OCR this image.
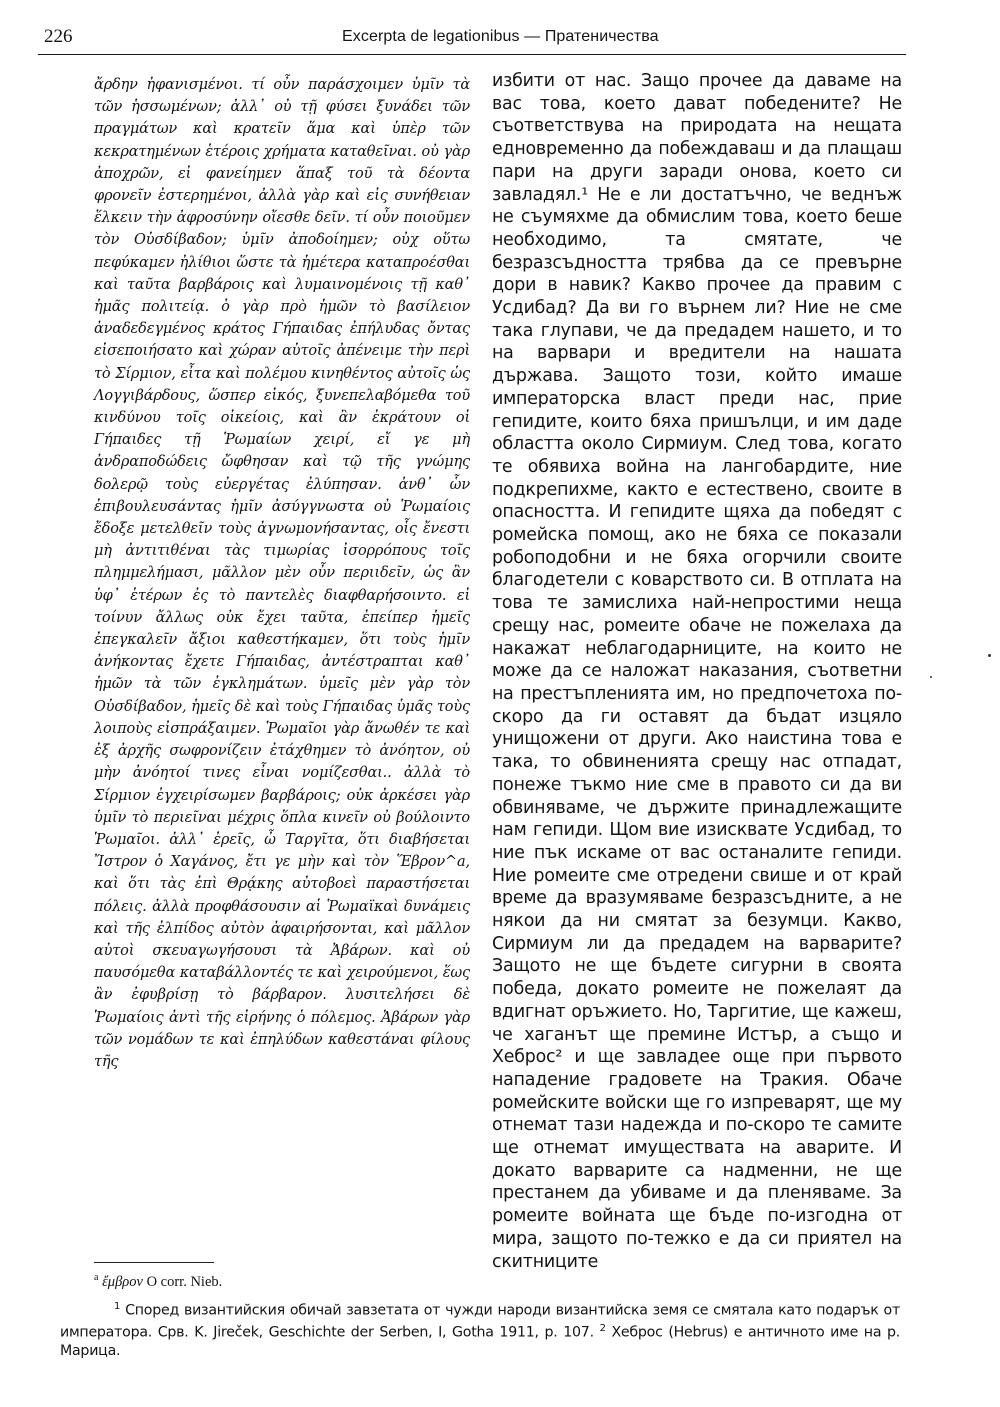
226	Excerpta de legationibus — Пратеничества

ἄρδην ἠφανισμένοι. τί οὖν παράσχοιμεν ὑμῖν τὰ τῶν ἡσσωμένων; ἀλλ᾽ οὐ τῇ φύσει ξυνάδει τῶν πραγμάτων καὶ κρατεῖν ἅμα καὶ ὑπὲρ τῶν κεκρατημένων ἑτέροις χρήματα καταθεῖναι. οὐ γὰρ ἀποχρῶν, εἰ φανείημεν ἅπαξ τοῦ τὰ δέοντα φρονεῖν ἐστερημένοι, ἀλλὰ γὰρ καὶ εἰς συνήθειαν ἕλκειν τὴν ἀφροσύνην οἴεσθε δεῖν. τί οὖν ποιοῦμεν τὸν Οὐσδίβαδον; ὑμῖν ἀποδοίημεν; οὐχ οὕτω πεφύκαμεν ἠλίθιοι ὥστε τὰ ἡμέτερα καταπροέσθαι καὶ ταῦτα βαρβάροις καὶ λυμαινομένοις τῇ καθ᾽ ἡμᾶς πολιτείᾳ. ὁ γὰρ πρὸ ἡμῶν τὸ βασίλειον ἀναδεδεγμένος κράτος Γήπαιδας ἐπήλυδας ὄντας εἰσεποιήσατο καὶ χώραν αὐτοῖς ἀπένειμε τὴν περὶ τὸ Σίρμιον, εἶτα καὶ πολέμου κινηθέντος αὐτοῖς ὡς Λογγιβάρδους, ὥσπερ εἰκός, ξυνεπελαβόμεθα τοῦ κινδύνου τοῖς οἰκείοις, καὶ ἂν ἐκράτουν οἱ Γήπαιδες τῇ Ῥωμαίων χειρί, εἴ γε μὴ ἀνδραποδώδεις ὤφθησαν καὶ τῷ τῆς γνώμης δολερῷ τοὺς εὐεργέτας ἐλύπησαν. ἀνθ᾽ ὧν ἐπιβουλευσάντας ἡμῖν ἀσύγγνωστα οὐ Ῥωμαίοις ἔδοξε μετελθεῖν τοὺς ἀγνωμονήσαντας, οἷς ἔνεστι μὴ ἀντιτιθέναι τὰς τιμωρίας ἰσορρόπους τοῖς πλημμελήμασι, μᾶλλον μὲν οὖν περιιδεῖν, ὡς ἂν ὑφ᾽ ἑτέρων ἐς τὸ παντελὲς διαφθαρήσοιντο. εἰ τοίνυν ἄλλως οὐκ ἔχει ταῦτα, ἐπείπερ ἡμεῖς ἐπεγκαλεῖν ἄξιοι καθεστήκαμεν, ὅτι τοὺς ἡμῖν ἀνήκοντας ἔχετε Γήπαιδας, ἀντέστραπται καθ᾽ ἡμῶν τὰ τῶν ἐγκλημάτων. ὑμεῖς μὲν γὰρ τὸν Οὐσδίβαδον, ἡμεῖς δὲ καὶ τοὺς Γήπαιδας ὑμᾶς τοὺς λοιποὺς εἰσπράξαιμεν. Ῥωμαῖοι γὰρ ἄνωθέν τε καὶ ἐξ ἀρχῆς σωφρονίζειν ἐτάχθημεν τὸ ἀνόητον, οὐ μὴν ἀνόητοί τινες εἶναι νομίζεσθαι.. ἀλλὰ τὸ Σίρμιον ἐγχειρίσωμεν βαρβάροις; οὐκ ἀρκέσει γὰρ ὑμῖν τὸ περιεῖναι μέχρις ὅπλα κινεῖν οὐ βούλοιντο Ῥωμαῖοι. ἀλλ᾽ ἐρεῖς, ὦ Ταργῖτα, ὅτι διαβήσεται Ἴστρον ὁ Χαγάνος, ἔτι γε μὴν καὶ τὸν Ἕβρον^a, καὶ ὅτι τὰς ἐπὶ Θρᾴκης αὐτοβοεὶ παραστήσεται πόλεις. ἀλλὰ προφθάσουσιν αἱ Ῥωμαϊκαὶ δυνάμεις καὶ τῆς ἐλπίδος αὐτὸν ἀφαιρήσονται, καὶ μᾶλλον αὐτοὶ σκευαγωγήσουσι τὰ Ἀβάρων. καὶ οὐ παυσόμεθα καταβάλλοντές τε καὶ χειρούμενοι, ἕως ἂν ἐφυβρίσῃ τὸ βάρβαρον. λυσιτελήσει δὲ Ῥωμαίοις ἀντὶ τῆς εἰρήνης ὁ πόλεμος. Ἀβάρων γὰρ τῶν νομάδων τε καὶ ἐπηλύδων καθεστάναι φίλους τῆς

избити от нас. Защо прочее да даваме на вас това, което дават победените? Не съответствува на природата на нещата едновременно да побеждаваш и да плащаш пари на други заради онова, което си завладял.¹ Не е ли достатъчно, че веднъж не съумяхме да обмислим това, което беше необходимо, та смятате, че безразсъдността трябва да се превърне дори в навик? Какво прочее да правим с Усдибад? Да ви го върнем ли? Ние не сме така глупави, че да предадем нашето, и то на варвари и вредители на нашата държава. Защото този, който имаше императорска власт преди нас, прие гепидите, които бяха пришълци, и им даде областта около Сирмиум. След това, когато те обявиха война на лангобардите, ние подкрепихме, както е естествено, своите в опасността. И гепидите щяха да победят с ромейска помощ, ако не бяха се показали робоподобни и не бяха огорчили своите благодетели с коварството си. В отплата на това те замислиха най-непростими неща срещу нас, ромеите обаче не пожелаха да накажат неблагодарниците, на които не може да се наложат наказания, съответни на престъпленията им, но предпочетоха по-скоро да ги оставят да бъдат изцяло унищожени от други. Ако наистина това е така, то обвиненията срещу нас отпадат, понеже тъкмо ние сме в правото си да ви обвиняваме, че държите принадлежащите нам гепиди. Щом вие изисквате Усдибад, то ние пък искаме от вас останалите гепиди. Ние ромеите сме отредени свише и от край време да вразумяваме безразсъдните, а не някои да ни смятат за безумци. Какво, Сирмиум ли да предадем на варварите? Защото не ще бъдете сигурни в своята победа, докато ромеите не пожелаят да вдигнат оръжието. Но, Таргитие, ще кажеш, че хаганът ще премине Истър, а също и Хеброс² и ще завладее още при първото нападение градовете на Тракия. Обаче ромейските войски ще го изпреварят, ще му отнемат тази надежда и по-скоро те самите ще отнемат имуществата на аварите. И докато варварите са надменни, не ще престанем да убиваме и да пленяваме. За ромеите войната ще бъде по-изгодна от мира, защото по-тежко е да си приятел на скитниците

$^a$ ἔμβρον O corr. Nieb.

$^1$ Според византийския обичай завзетата от чужди народи византийска земя се смятала като подарък от императора. Срв. K. Jireček, Geschichte der Serben, I, Gotha 1911, p. 107. $^2$ Хеброс (Hebrus) е античното име на р. Марица.
